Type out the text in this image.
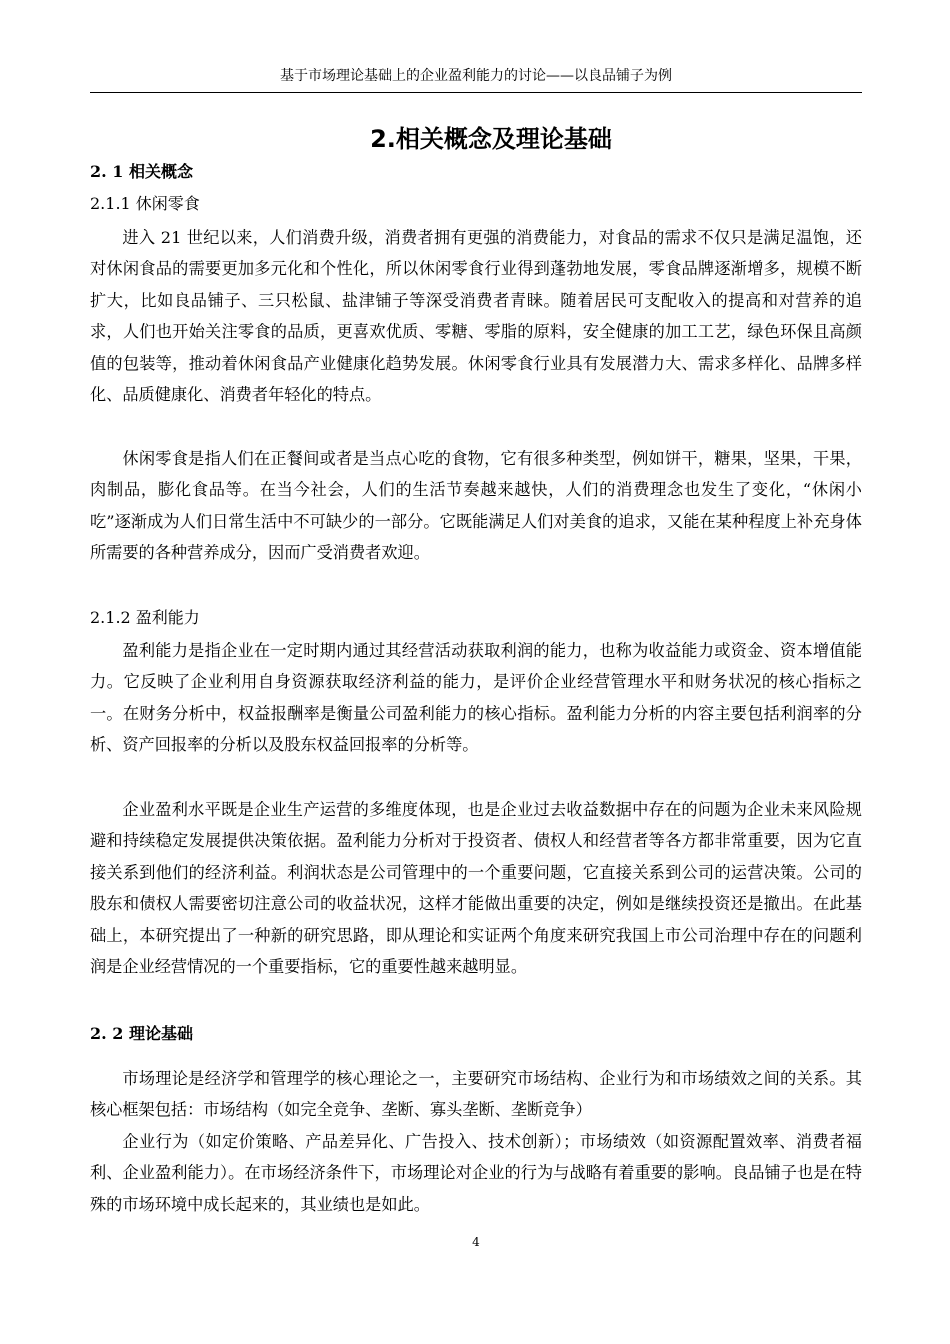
基于市场理论基础上的企业盈利能力的讨论——以良品铺子为例
2.相关概念及理论基础
2. 1 相关概念
2.1.1 休闲零食

进入 21 世纪以来，人们消费升级，消费者拥有更强的消费能力，对食品的需求不仅只是满足温饱，还对休闲食品的需要更加多元化和个性化，所以休闲零食行业得到蓬勃地发展，零食品牌逐渐增多，规模不断扩大，比如良品铺子、三只松鼠、盐津铺子等深受消费者青睐。随着居民可支配收入的提高和对营养的追求，人们也开始关注零食的品质，更喜欢优质、零糖、零脂的原料，安全健康的加工工艺，绿色环保且高颜值的包装等，推动着休闲食品产业健康化趋势发展。休闲零食行业具有发展潜力大、需求多样化、品牌多样化、品质健康化、消费者年轻化的特点。

休闲零食是指人们在正餐间或者是当点心吃的食物，它有很多种类型，例如饼干，糖果，坚果，干果，肉制品，膨化食品等。在当今社会，人们的生活节奏越来越快，人们的消费理念也发生了变化，“休闲小吃”逐渐成为人们日常生活中不可缺少的一部分。它既能满足人们对美食的追求，又能在某种程度上补充身体所需要的各种营养成分，因而广受消费者欢迎。

2.1.2 盈利能力

盈利能力是指企业在一定时期内通过其经营活动获取利润的能力，也称为收益能力或资金、资本增值能力。它反映了企业利用自身资源获取经济利益的能力，是评价企业经营管理水平和财务状况的核心指标之一。在财务分析中，权益报酬率是衡量公司盈利能力的核心指标。盈利能力分析的内容主要包括利润率的分析、资产回报率的分析以及股东权益回报率的分析等。

企业盈利水平既是企业生产运营的多维度体现，也是企业过去收益数据中存在的问题为企业未来风险规避和持续稳定发展提供决策依据。盈利能力分析对于投资者、债权人和经营者等各方都非常重要，因为它直接关系到他们的经济利益。利润状态是公司管理中的一个重要问题，它直接关系到公司的运营决策。公司的股东和债权人需要密切注意公司的收益状况，这样才能做出重要的决定，例如是继续投资还是撤出。在此基础上，本研究提出了一种新的研究思路，即从理论和实证两个角度来研究我国上市公司治理中存在的问题利润是企业经营情况的一个重要指标，它的重要性越来越明显。

2. 2 理论基础

市场理论是经济学和管理学的核心理论之一，主要研究市场结构、企业行为和市场绩效之间的关系。其核心框架包括：市场结构（如完全竞争、垄断、寡头垄断、垄断竞争）

企业行为（如定价策略、产品差异化、广告投入、技术创新）；市场绩效（如资源配置效率、消费者福利、企业盈利能力）。在市场经济条件下，市场理论对企业的行为与战略有着重要的影响。良品铺子也是在特殊的市场环境中成长起来的，其业绩也是如此。

4
